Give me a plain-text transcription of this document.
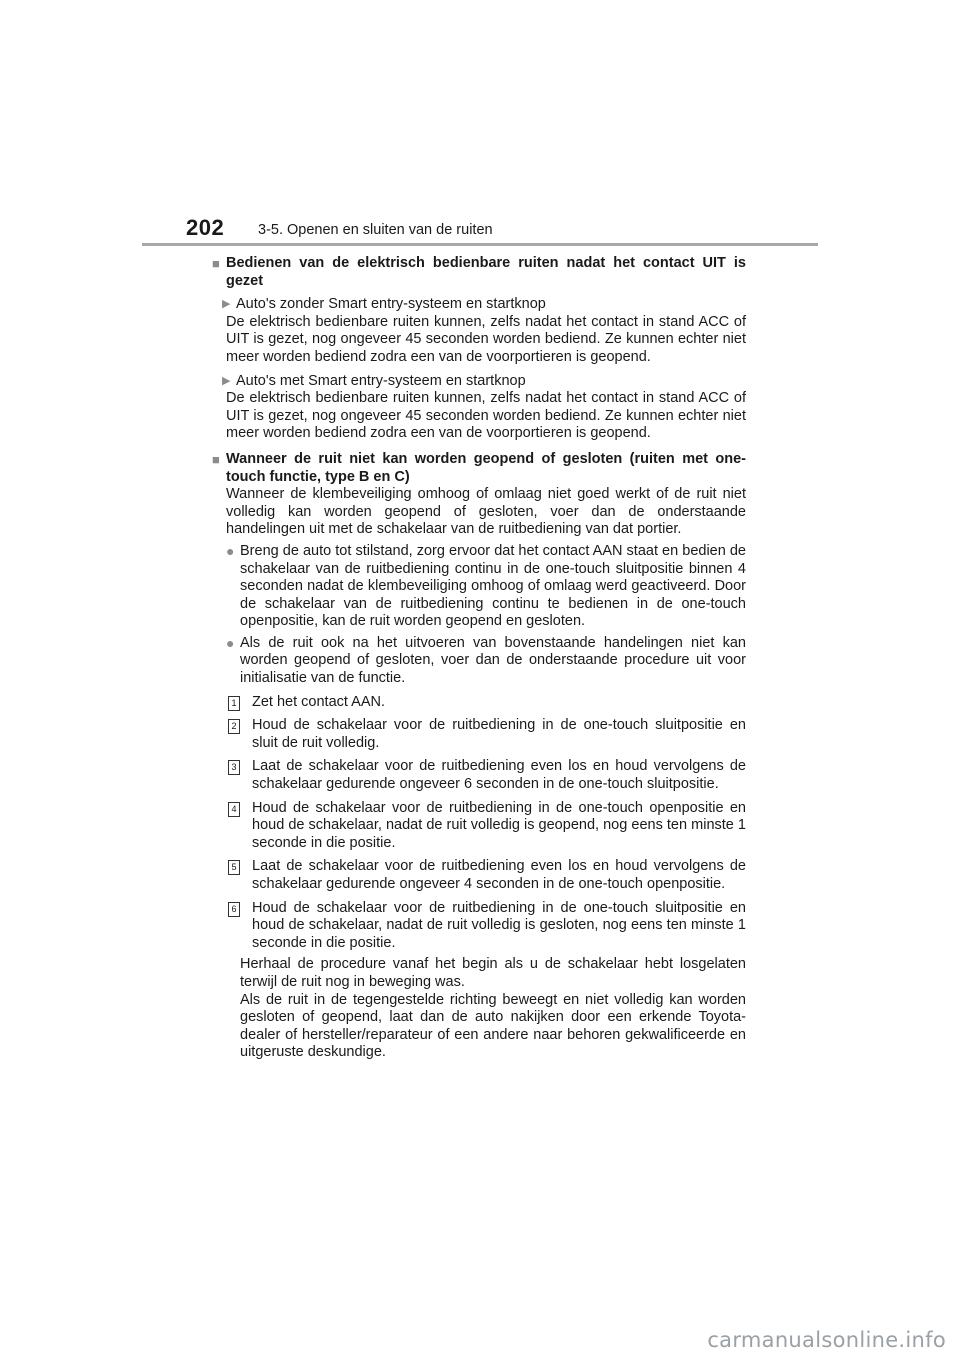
202 3-5. Openen en sluiten van de ruiten
■ Bedienen van de elektrisch bedienbare ruiten nadat het contact UIT is gezet
▶ Auto's zonder Smart entry-systeem en startknop
De elektrisch bedienbare ruiten kunnen, zelfs nadat het contact in stand ACC of UIT is gezet, nog ongeveer 45 seconden worden bediend. Ze kunnen echter niet meer worden bediend zodra een van de voorportieren is geopend.
▶ Auto's met Smart entry-systeem en startknop
De elektrisch bedienbare ruiten kunnen, zelfs nadat het contact in stand ACC of UIT is gezet, nog ongeveer 45 seconden worden bediend. Ze kunnen echter niet meer worden bediend zodra een van de voorportieren is geopend.
■ Wanneer de ruit niet kan worden geopend of gesloten (ruiten met one-touch functie, type B en C)
Wanneer de klembeveiliging omhoog of omlaag niet goed werkt of de ruit niet volledig kan worden geopend of gesloten, voer dan de onderstaande handelingen uit met de schakelaar van de ruitbediening van dat portier.
● Breng de auto tot stilstand, zorg ervoor dat het contact AAN staat en bedien de schakelaar van de ruitbediening continu in de one-touch sluitpositie binnen 4 seconden nadat de klembeveiliging omhoog of omlaag werd geactiveerd. Door de schakelaar van de ruitbediening continu te bedienen in de one-touch openpositie, kan de ruit worden geopend en gesloten.
● Als de ruit ook na het uitvoeren van bovenstaande handelingen niet kan worden geopend of gesloten, voer dan de onderstaande procedure uit voor initialisatie van de functie.
1 Zet het contact AAN.
2 Houd de schakelaar voor de ruitbediening in de one-touch sluitpositie en sluit de ruit volledig.
3 Laat de schakelaar voor de ruitbediening even los en houd vervolgens de schakelaar gedurende ongeveer 6 seconden in de one-touch sluitpositie.
4 Houd de schakelaar voor de ruitbediening in de one-touch openpositie en houd de schakelaar, nadat de ruit volledig is geopend, nog eens ten minste 1 seconde in die positie.
5 Laat de schakelaar voor de ruitbediening even los en houd vervolgens de schakelaar gedurende ongeveer 4 seconden in de one-touch openpositie.
6 Houd de schakelaar voor de ruitbediening in de one-touch sluitpositie en houd de schakelaar, nadat de ruit volledig is gesloten, nog eens ten minste 1 seconde in die positie.
Herhaal de procedure vanaf het begin als u de schakelaar hebt losgelaten terwijl de ruit nog in beweging was.
Als de ruit in de tegengestelde richting beweegt en niet volledig kan worden gesloten of geopend, laat dan de auto nakijken door een erkende Toyota-dealer of hersteller/reparateur of een andere naar behoren gekwalificeerde en uitgeruste deskundige.
carmanualsonline.info
